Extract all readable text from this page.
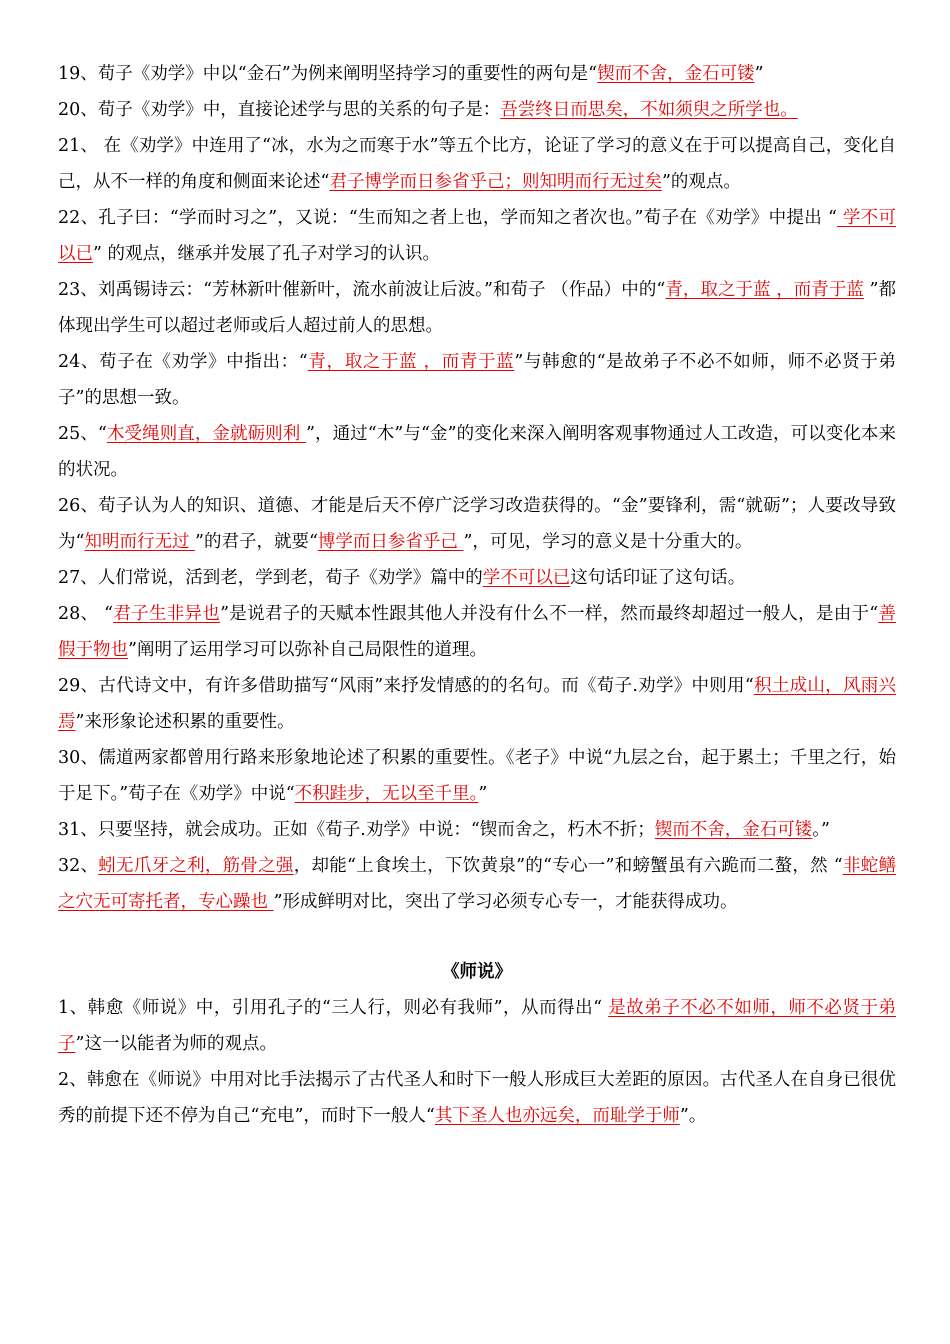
19、荀子《劝学》中以“金石”为例来阐明坚持学习的重要性的两句是“锲而不舍，金石可镂”

20、荀子《劝学》中，直接论述学与思的关系的句子是：吾尝终日而思矣，不如须臾之所学也。

21、 在《劝学》中连用了“冰，水为之而寒于水”等五个比方，论证了学习的意义在于可以提高自己，变化自己，从不一样的角度和侧面来论述“君子博学而日参省乎己；则知明而行无过矣”的观点。

22、孔子曰：“学而时习之”，又说：“生而知之者上也，学而知之者次也。”荀子在《劝学》中提出 “ 学不可以已” 的观点，继承并发展了孔子对学习的认识。

23、刘禹锡诗云：“芳林新叶催新叶，流水前波让后波。”和荀子 （作品）中的“青，取之于蓝 ，而青于蓝 ”都体现出学生可以超过老师或后人超过前人的思想。

24、荀子在《劝学》中指出：“青，取之于蓝 ，而青于蓝”与韩愈的“是故弟子不必不如师，师不必贤于弟子”的思想一致。

25、“木受绳则直，金就砺则利 ”，通过“木”与“金”的变化来深入阐明客观事物通过人工改造，可以变化本来的状况。

26、荀子认为人的知识、道德、才能是后天不停广泛学习改造获得的。“金”要锋利，需“就砺”；人要改导致为“知明而行无过 ”的君子，就要“博学而日参省乎己 ”，可见，学习的意义是十分重大的。

27、人们常说，活到老，学到老，荀子《劝学》篇中的学不可以已这句话印证了这句话。

28、 “君子生非异也”是说君子的天赋本性跟其他人并没有什么不一样，然而最终却超过一般人，是由于“善假于物也”阐明了运用学习可以弥补自己局限性的道理。

29、古代诗文中，有许多借助描写“风雨”来抒发情感的的名句。而《荀子.劝学》中则用“积土成山，风雨兴焉”来形象论述积累的重要性。

30、儒道两家都曾用行路来形象地论述了积累的重要性。《老子》中说“九层之台，起于累土；千里之行，始于足下。”荀子在《劝学》中说“不积跬步，无以至千里。”

31、只要坚持，就会成功。正如《荀子.劝学》中说：“锲而舍之，朽木不折；锲而不舍，金石可镂。”

32、蚓无爪牙之利，筋骨之强，却能“上食埃土，下饮黄泉”的“专心一”和螃蟹虽有六跪而二螯，然 “非蛇鳝之穴无可寄托者，专心躁也 ”形成鲜明对比，突出了学习必须专心专一，才能获得成功。

《师说》

1、韩愈《师说》中，引用孔子的“三人行，则必有我师”，从而得出“ 是故弟子不必不如师，师不必贤于弟子”这一以能者为师的观点。

2、韩愈在《师说》中用对比手法揭示了古代圣人和时下一般人形成巨大差距的原因。古代圣人在自身已很优秀的前提下还不停为自己“充电”，而时下一般人“其下圣人也亦远矣，而耻学于师”。
